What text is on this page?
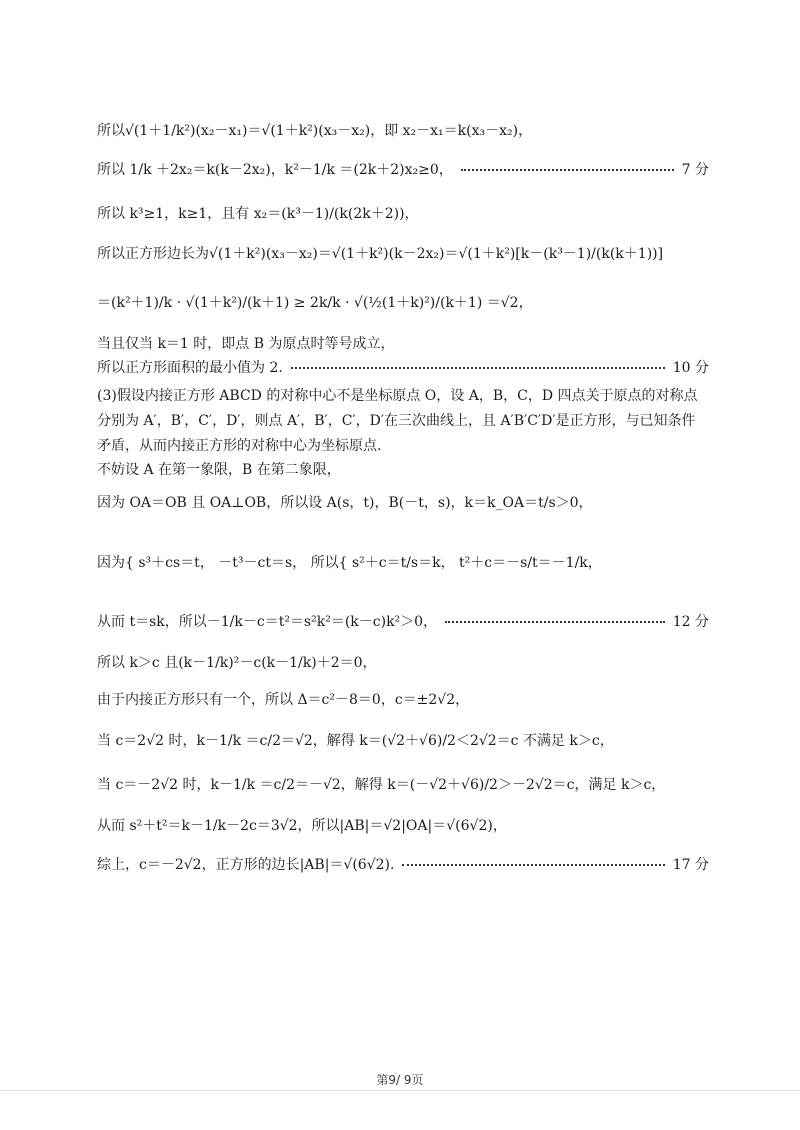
所以√(1＋1/k²)(x₂－x₁)＝√(1＋k²)(x₃－x₂)，即 x₂－x₁＝k(x₃－x₂)，
所以 1/k ＋2x₂＝k(k－2x₂)，k²－1/k ＝(2k＋2)x₂≥0，	7 分
所以 k³≥1，k≥1，且有 x₂＝(k³－1)/(k(2k＋2))，
所以正方形边长为√(1＋k²)(x₃－x₂)＝√(1＋k²)(k－2x₂)＝√(1＋k²)[k－(k³－1)/(k(k＋1))]
＝(k²＋1)/k · √(1＋k²)/(k＋1) ≥ 2k/k · √(½(1＋k)²)/(k＋1) ＝√2，
当且仅当 k＝1 时，即点 B 为原点时等号成立，
所以正方形面积的最小值为 2.	10 分
(3)假设内接正方形 ABCD 的对称中心不是坐标原点 O，设 A，B，C，D 四点关于原点的对称点分别为 A′，B′，C′，D′，则点 A′，B′，C′，D′在三次曲线上，且 A′B′C′D′是正方形，与已知条件矛盾，从而内接正方形的对称中心为坐标原点.
不妨设 A 在第一象限，B 在第二象限，
因为 OA＝OB 且 OA⊥OB，所以设 A(s，t)，B(－t，s)，k＝k_OA＝t/s＞0，
因为{ s³＋cs＝t， －t³－ct＝s， 所以{ s²＋c＝t/s＝k， t²＋c＝－s/t＝－1/k，
从而 t＝sk，所以－1/k－c＝t²＝s²k²＝(k－c)k²＞0，	12 分
所以 k＞c 且(k－1/k)²－c(k－1/k)＋2＝0，
由于内接正方形只有一个，所以 Δ＝c²－8＝0，c＝±2√2，
当 c＝2√2 时，k－1/k ＝c/2＝√2，解得 k＝(√2＋√6)/2＜2√2＝c 不满足 k＞c，
当 c＝－2√2 时，k－1/k ＝c/2＝－√2，解得 k＝(－√2＋√6)/2＞－2√2＝c，满足 k＞c，
从而 s²＋t²＝k－1/k－2c＝3√2，所以|AB|＝√2|OA|＝√(6√2)，
综上，c＝－2√2，正方形的边长|AB|＝√(6√2).	17 分
第9/ 9页
